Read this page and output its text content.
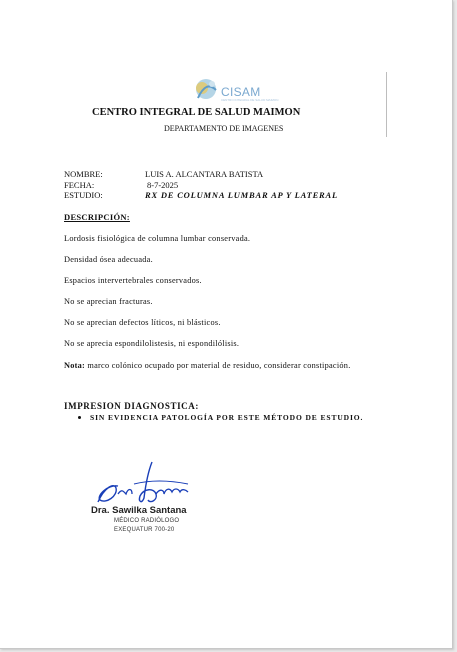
CISAM
CENTRO INTEGRAL DE SALUD MAIMON
CENTRO INTEGRAL DE SALUD MAIMON
DEPARTAMENTO DE IMAGENES
NOMBRE:	LUIS A. ALCANTARA BATISTA
FECHA:	8-7-2025
ESTUDIO:	RX DE COLUMNA LUMBAR AP Y LATERAL
DESCRIPCIÓN:
Lordosis fisiológica de columna lumbar conservada.
Densidad ósea adecuada.
Espacios intervertebrales conservados.
No se aprecian fracturas.
No se aprecian defectos líticos, ni blásticos.
No se aprecia espondilolistesis, ni espondilólisis.
Nota: marco colónico ocupado por material de residuo, considerar constipación.
IMPRESION DIAGNOSTICA:
SIN EVIDENCIA PATOLOGÍA POR ESTE MÉTODO DE ESTUDIO.
Dra. Sawilka Santana
MÉDICO RADIÓLOGO
EXEQUATUR 700-20
